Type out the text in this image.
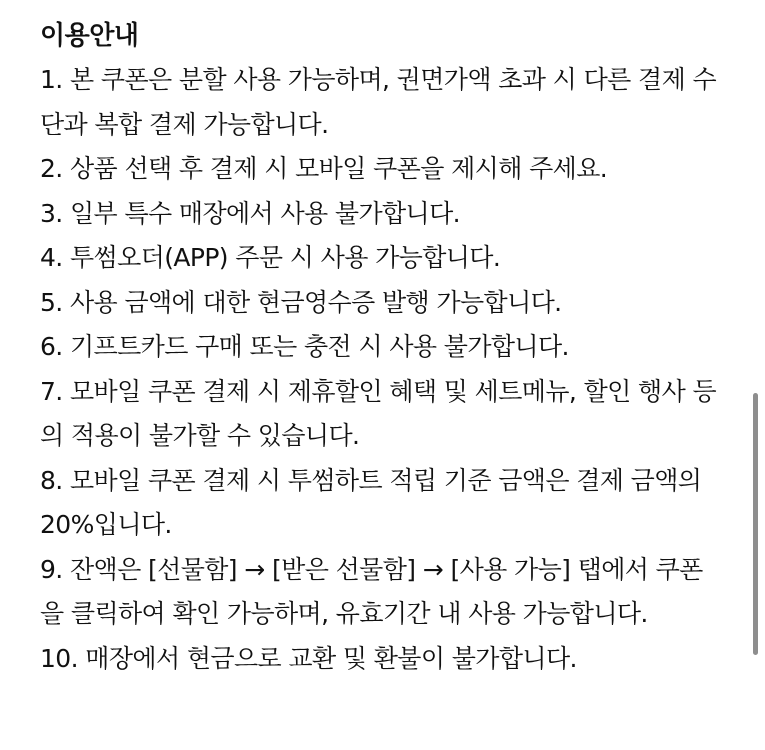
이용안내
1. 본 쿠폰은 분할 사용 가능하며, 권면가액 초과 시 다른 결제 수단과 복합 결제 가능합니다.
2. 상품 선택 후 결제 시 모바일 쿠폰을 제시해 주세요.
3. 일부 특수 매장에서 사용 불가합니다.
4. 투썸오더(APP) 주문 시 사용 가능합니다.
5. 사용 금액에 대한 현금영수증 발행 가능합니다.
6. 기프트카드 구매 또는 충전 시 사용 불가합니다.
7. 모바일 쿠폰 결제 시 제휴할인 혜택 및 세트메뉴, 할인 행사 등의 적용이 불가할 수 있습니다.
8. 모바일 쿠폰 결제 시 투썸하트 적립 기준 금액은 결제 금액의 20%입니다.
9. 잔액은 [선물함] → [받은 선물함] → [사용 가능] 탭에서 쿠폰을 클릭하여 확인 가능하며, 유효기간 내 사용 가능합니다.
10. 매장에서 현금으로 교환 및 환불이 불가합니다.
